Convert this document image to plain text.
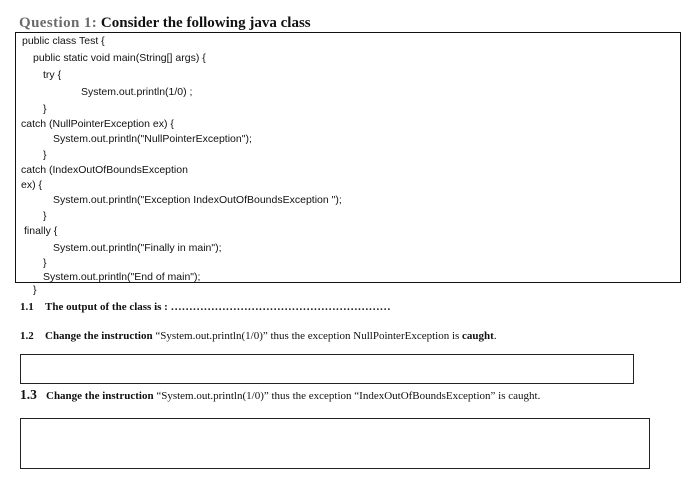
Question 1: Consider the following java class
public class Test {
public static void main(String[] args) {
try {
System.out.println(1/0) ;
}
catch (NullPointerException ex) {
System.out.println("NullPointerException");
}
catch (IndexOutOfBoundsException
ex) {
System.out.println("Exception IndexOutOfBoundsException ");
}
finally {
System.out.println("Finally in main");
}
System.out.println("End of main");
}
1.1 The output of the class is : ……………………………………………………
1.2 Change the instruction “System.out.println(1/0)” thus the exception NullPointerException is caught.
1.3 Change the instruction “System.out.println(1/0)” thus the exception “IndexOutOfBoundsException” is caught.
